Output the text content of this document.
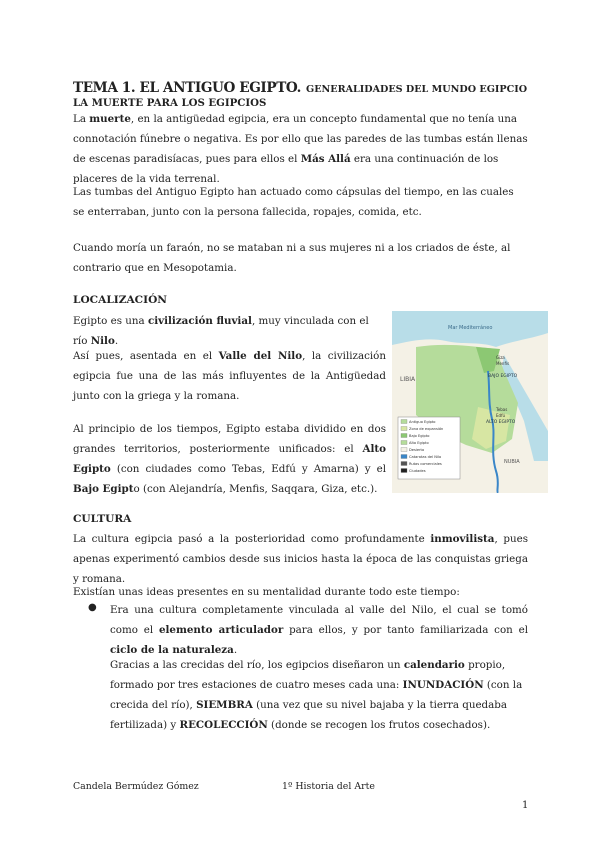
TEMA 1. EL ANTIGUO EGIPTO. GENERALIDADES DEL MUNDO EGIPCIO
LA MUERTE PARA LOS EGIPCIOS
La muerte, en la antigüedad egipcia, era un concepto fundamental que no tenía una connotación fúnebre o negativa. Es por ello que las paredes de las tumbas están llenas de escenas paradisíacas, pues para ellos el Más Allá era una continuación de los placeres de la vida terrenal.
Las tumbas del Antiguo Egipto han actuado como cápsulas del tiempo, en las cuales se enterraban, junto con la persona fallecida, ropajes, comida, etc.
Cuando moría un faraón, no se mataban ni a sus mujeres ni a los criados de éste, al contrario que en Mesopotamia.
LOCALIZACIÓN
Egipto es una civilización fluvial, muy vinculada con el río Nilo.
Así pues, asentada en el Valle del Nilo, la civilización egipcia fue una de las más influyentes de la Antigüedad junto con la griega y la romana.
Al principio de los tiempos, Egipto estaba dividido en dos grandes territorios, posteriormente unificados: el Alto Egipto (con ciudades como Tebas, Edfú y Amarna) y el Bajo Egipto (con Alejandría, Menfis, Saqqara, Giza, etc.).
Mar Mediterráneo
LIBIA	BAJO EGIPTO
ALTO EGIPTO
NUBIA
Giza
Menfis
Tebas
Edfú
Antiguo Egipto
Zona de expansión
Bajo Egipto
Alto Egipto
Desierto
Cataratas del Nilo
Rutas comerciales
Ciudades
CULTURA
La cultura egipcia pasó a la posterioridad como profundamente inmovilista, pues apenas experimentó cambios desde sus inicios hasta la época de las conquistas griega y romana.
Existían unas ideas presentes en su mentalidad durante todo este tiempo:
● Era una cultura completamente vinculada al valle del Nilo, el cual se tomó como el elemento articulador para ellos, y por tanto familiarizada con el ciclo de la naturaleza.
Gracias a las crecidas del río, los egipcios diseñaron un calendario propio, formado por tres estaciones de cuatro meses cada una: INUNDACIÓN (con la crecida del río), SIEMBRA (una vez que su nivel bajaba y la tierra quedaba fertilizada) y RECOLECCIÓN (donde se recogen los frutos cosechados).
Candela Bermúdez Gómez	1º Historia del Arte
1
